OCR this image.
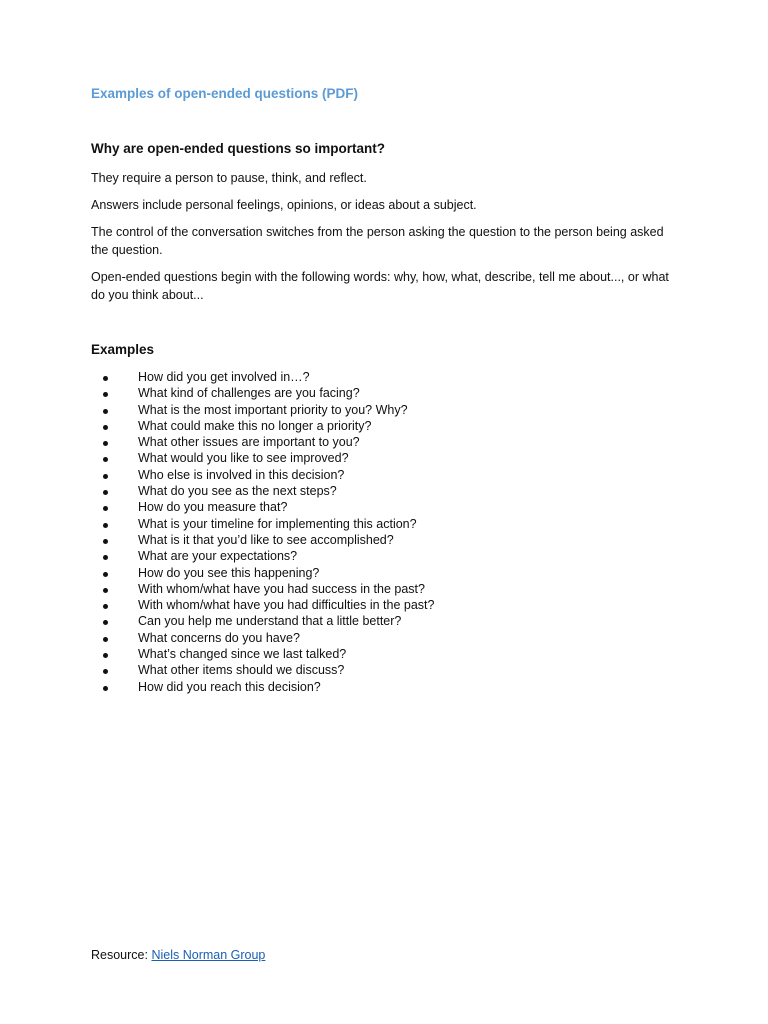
Examples of open-ended questions (PDF)
Why are open-ended questions so important?

They require a person to pause, think, and reflect.

Answers include personal feelings, opinions, or ideas about a subject.

The control of the conversation switches from the person asking the question to the person being asked the question.

Open-ended questions begin with the following words: why, how, what, describe, tell me about..., or what do you think about...

Examples
How did you get involved in…?
What kind of challenges are you facing?
What is the most important priority to you? Why?
What could make this no longer a priority?
What other issues are important to you?
What would you like to see improved?
Who else is involved in this decision?
What do you see as the next steps?
How do you measure that?
What is your timeline for implementing this action?
What is it that you’d like to see accomplished?
What are your expectations?
How do you see this happening?
With whom/what have you had success in the past?
With whom/what have you had difficulties in the past?
Can you help me understand that a little better?
What concerns do you have?
What’s changed since we last talked?
What other items should we discuss?
How did you reach this decision?
Resource: Niels Norman Group
